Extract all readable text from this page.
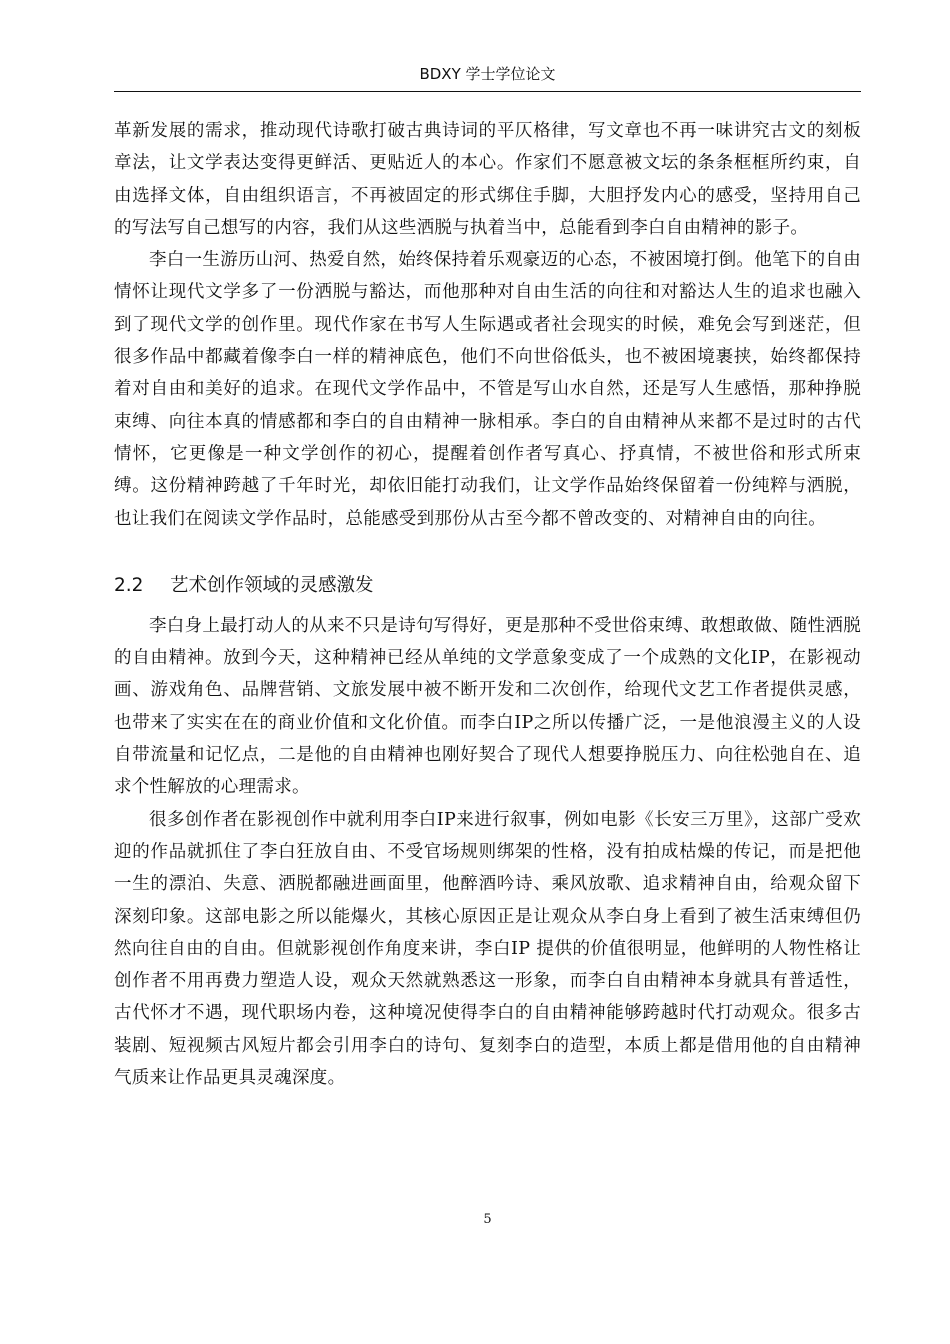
BDXY 学士学位论文

革新发展的需求，推动现代诗歌打破古典诗词的平仄格律，写文章也不再一味讲究古文的刻板章法，让文学表达变得更鲜活、更贴近人的本心。作家们不愿意被文坛的条条框框所约束，自由选择文体，自由组织语言，不再被固定的形式绑住手脚，大胆抒发内心的感受，坚持用自己的写法写自己想写的内容，我们从这些洒脱与执着当中，总能看到李白自由精神的影子。

李白一生游历山河、热爱自然，始终保持着乐观豪迈的心态，不被困境打倒。他笔下的自由情怀让现代文学多了一份洒脱与豁达，而他那种对自由生活的向往和对豁达人生的追求也融入到了现代文学的创作里。现代作家在书写人生际遇或者社会现实的时候，难免会写到迷茫，但很多作品中都藏着像李白一样的精神底色，他们不向世俗低头，也不被困境裹挟，始终都保持着对自由和美好的追求。在现代文学作品中，不管是写山水自然，还是写人生感悟，那种挣脱束缚、向往本真的情感都和李白的自由精神一脉相承。李白的自由精神从来都不是过时的古代情怀，它更像是一种文学创作的初心，提醒着创作者写真心、抒真情，不被世俗和形式所束缚。这份精神跨越了千年时光，却依旧能打动我们，让文学作品始终保留着一份纯粹与洒脱，也让我们在阅读文学作品时，总能感受到那份从古至今都不曾改变的、对精神自由的向往。

2.2	艺术创作领域的灵感激发

李白身上最打动人的从来不只是诗句写得好，更是那种不受世俗束缚、敢想敢做、随性洒脱的自由精神。放到今天，这种精神已经从单纯的文学意象变成了一个成熟的文化IP，在影视动画、游戏角色、品牌营销、文旅发展中被不断开发和二次创作，给现代文艺工作者提供灵感，也带来了实实在在的商业价值和文化价值。而李白IP之所以传播广泛，一是他浪漫主义的人设自带流量和记忆点，二是他的自由精神也刚好契合了现代人想要挣脱压力、向往松弛自在、追求个性解放的心理需求。

很多创作者在影视创作中就利用李白IP来进行叙事，例如电影《长安三万里》，这部广受欢迎的作品就抓住了李白狂放自由、不受官场规则绑架的性格，没有拍成枯燥的传记，而是把他一生的漂泊、失意、洒脱都融进画面里，他醉酒吟诗、乘风放歌、追求精神自由，给观众留下深刻印象。这部电影之所以能爆火，其核心原因正是让观众从李白身上看到了被生活束缚但仍然向往自由的自由。但就影视创作角度来讲，李白IP 提供的价值很明显，他鲜明的人物性格让创作者不用再费力塑造人设，观众天然就熟悉这一形象，而李白自由精神本身就具有普适性，古代怀才不遇，现代职场内卷，这种境况使得李白的自由精神能够跨越时代打动观众。很多古装剧、短视频古风短片都会引用李白的诗句、复刻李白的造型，本质上都是借用他的自由精神气质来让作品更具灵魂深度。

5
